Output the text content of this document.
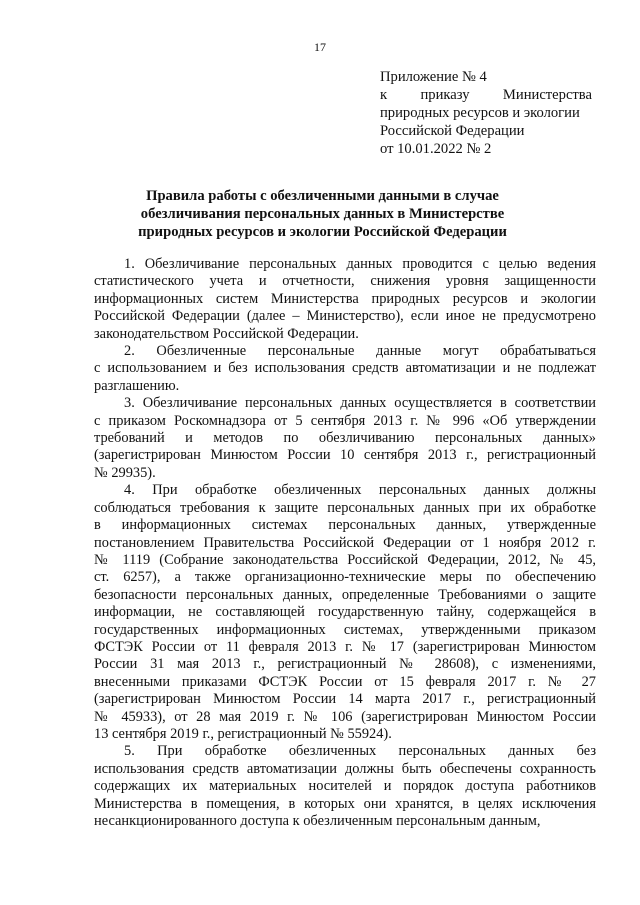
17
Приложение № 4
к приказу Министерства
природных ресурсов и экологии
Российской Федерации
от 10.01.2022 № 2
Правила работы с обезличенными данными в случае
обезличивания персональных данных в Министерстве
природных ресурсов и экологии Российской Федерации

1. Обезличивание персональных данных проводится с целью ведения
статистического учета и отчетности, снижения уровня защищенности
информационных систем Министерства природных ресурсов и экологии
Российской Федерации (далее – Министерство), если иное не предусмотрено
законодательством Российской Федерации.

2. Обезличенные персональные данные могут обрабатываться
с использованием и без использования средств автоматизации и не подлежат
разглашению.

3. Обезличивание персональных данных осуществляется в соответствии
с приказом Роскомнадзора от 5 сентября 2013 г. № 996 «Об утверждении
требований и методов по обезличиванию персональных данных»
(зарегистрирован Минюстом России 10 сентября 2013 г., регистрационный
№ 29935).

4. При обработке обезличенных персональных данных должны
соблюдаться требования к защите персональных данных при их обработке
в информационных системах персональных данных, утвержденные
постановлением Правительства Российской Федерации от 1 ноября 2012 г.
№ 1119 (Собрание законодательства Российской Федерации, 2012, № 45,
ст. 6257), а также организационно-технические меры по обеспечению
безопасности персональных данных, определенные Требованиями о защите
информации, не составляющей государственную тайну, содержащейся в
государственных информационных системах, утвержденными приказом
ФСТЭК России от 11 февраля 2013 г. № 17 (зарегистрирован Минюстом
России 31 мая 2013 г., регистрационный № 28608), с изменениями,
внесенными приказами ФСТЭК России от 15 февраля 2017 г. № 27
(зарегистрирован Минюстом России 14 марта 2017 г., регистрационный
№ 45933), от 28 мая 2019 г. № 106 (зарегистрирован Минюстом России
13 сентября 2019 г., регистрационный № 55924).

5. При обработке обезличенных персональных данных без
использования средств автоматизации должны быть обеспечены сохранность
содержащих их материальных носителей и порядок доступа работников
Министерства в помещения, в которых они хранятся, в целях исключения
несанкционированного доступа к обезличенным персональным данным,
